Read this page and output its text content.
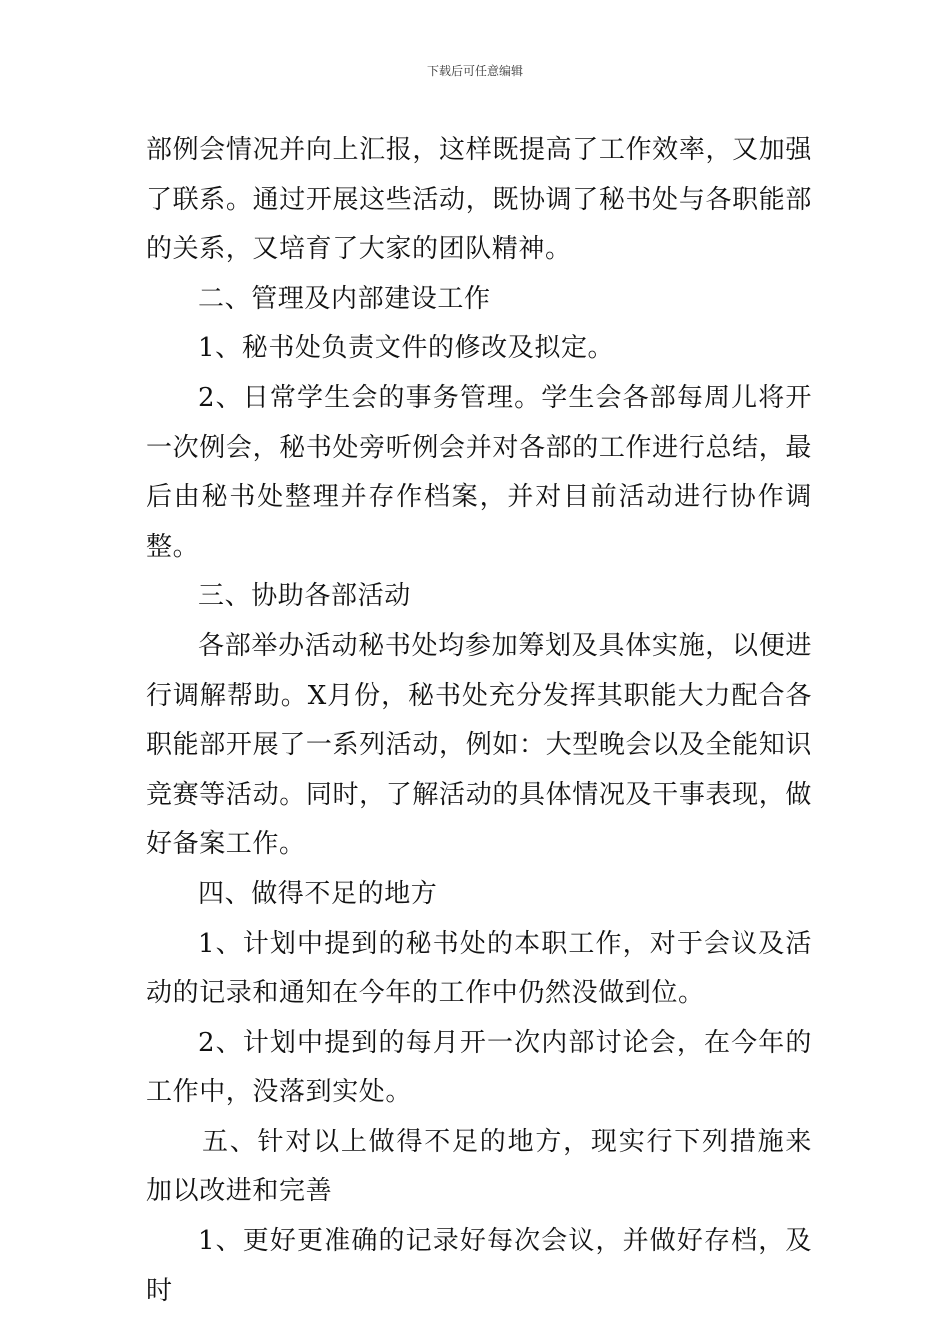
下载后可任意编辑

部例会情况并向上汇报，这样既提高了工作效率，又加强了联系。通过开展这些活动，既协调了秘书处与各职能部的关系，又培育了大家的团队精神。

二、管理及内部建设工作

1、秘书处负责文件的修改及拟定。

2、日常学生会的事务管理。学生会各部每周儿将开一次例会，秘书处旁听例会并对各部的工作进行总结，最后由秘书处整理并存作档案，并对目前活动进行协作调整。

三、协助各部活动

各部举办活动秘书处均参加筹划及具体实施，以便进行调解帮助。X月份，秘书处充分发挥其职能大力配合各职能部开展了一系列活动，例如：大型晚会以及全能知识竞赛等活动。同时，了解活动的具体情况及干事表现，做好备案工作。

四、做得不足的地方

1、计划中提到的秘书处的本职工作，对于会议及活动的记录和通知在今年的工作中仍然没做到位。

2、计划中提到的每月开一次内部讨论会，在今年的工作中，没落到实处。

五、针对以上做得不足的地方，现实行下列措施来加以改进和完善

1、更好更准确的记录好每次会议，并做好存档，及时
